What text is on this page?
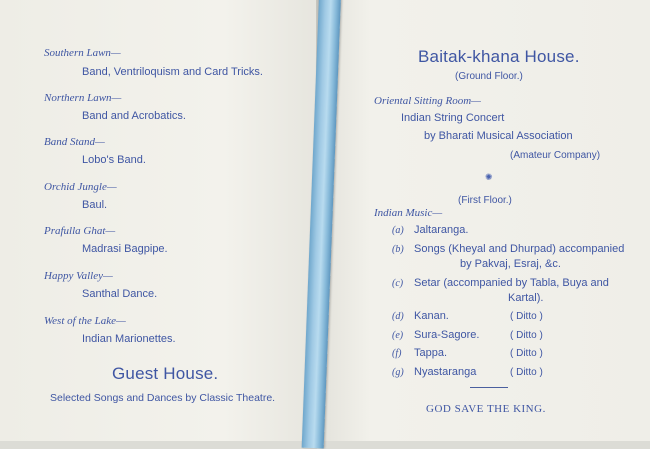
Southern Lawn—
Band, Ventriloquism and Card Tricks.
Northern Lawn—
Band and Acrobatics.
Band Stand—
Lobo's Band.
Orchid Jungle—
Baul.
Prafulla Ghat—
Madrasi Bagpipe.
Happy Valley—
Santhal Dance.
West of the Lake—
Indian Marionettes.
Guest House.
Selected Songs and Dances by Classic Theatre.
Baitak-khana House.
(Ground Floor.)
Oriental Sitting Room—
Indian String Concert
by Bharati Musical Association
(Amateur Company)
✺
(First Floor.)
Indian Music—
(a) Jaltaranga.
(b) Songs (Kheyal and Dhurpad) accompanied
by Pakvaj, Esraj, &c.
(c) Setar (accompanied by Tabla, Buya and
Kartal).
(d) Kanan.	( Ditto )
(e) Sura-Sagore.	( Ditto )
(f) Tappa.	( Ditto )
(g) Nyastaranga	( Ditto )
GOD SAVE THE KING.
